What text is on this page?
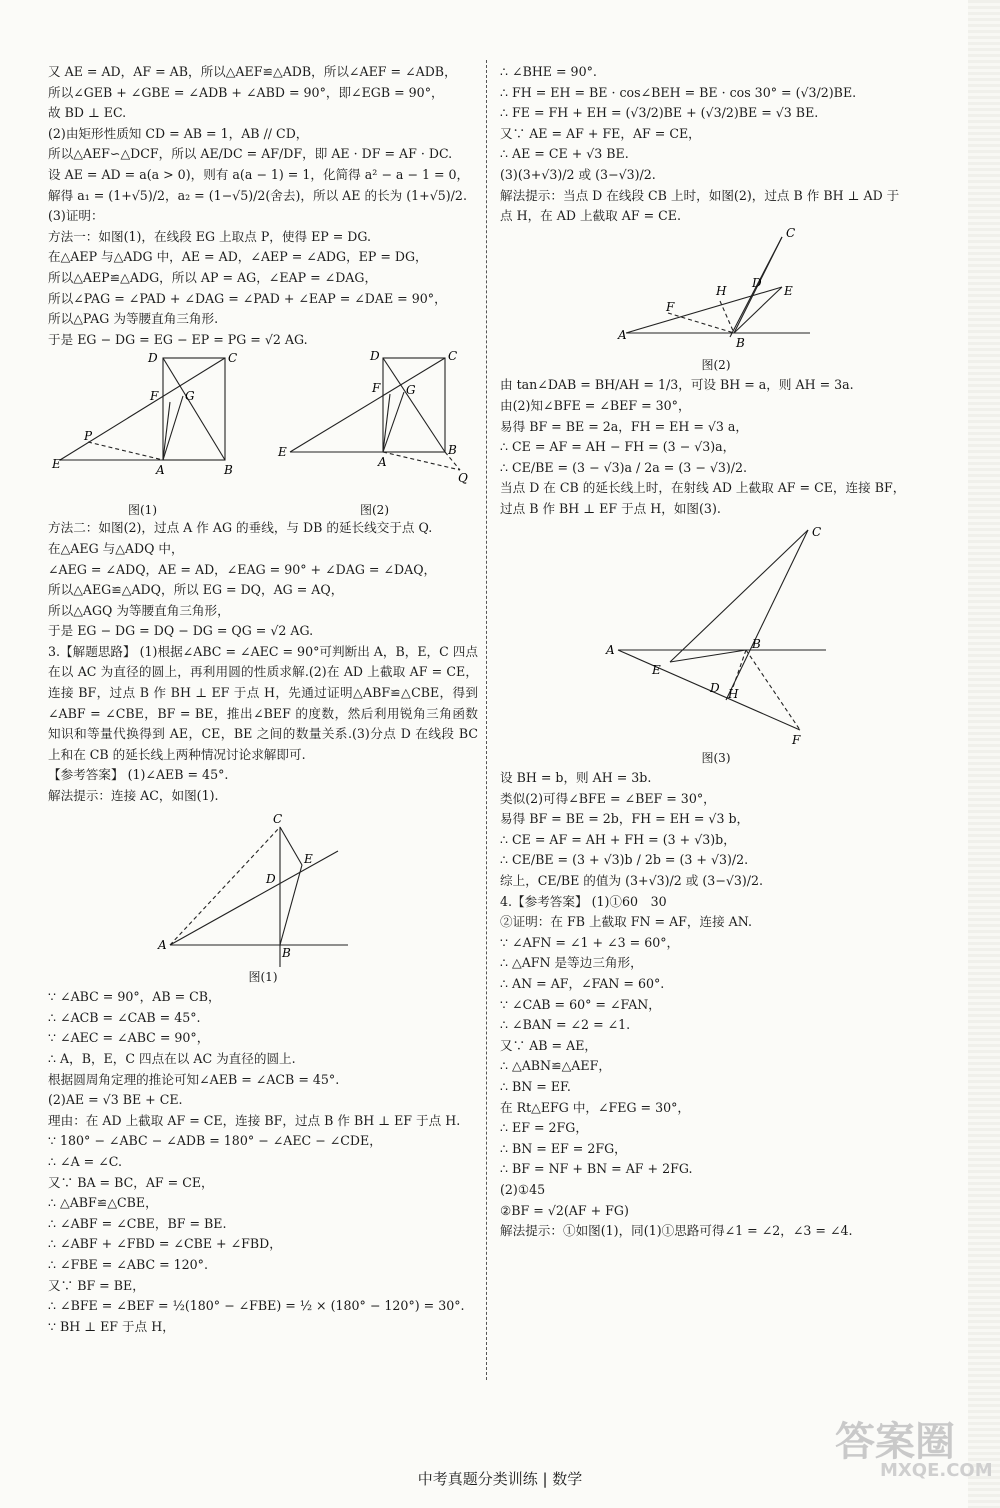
又 AE = AD，AF = AB，所以△AEF≌△ADB，所以∠AEF = ∠ADB，
所以∠GEB + ∠GBE = ∠ADB + ∠ABD = 90°，即∠EGB = 90°，
故 BD ⊥ EC.
(2)由矩形性质知 CD = AB = 1，AB // CD，
所以△AEF∽△DCF，所以 AE/DC = AF/DF，即 AE · DF = AF · DC.
设 AE = AD = a(a > 0)，则有 a(a − 1) = 1，化简得 a² − a − 1 = 0，
解得 a₁ = (1+√5)/2，a₂ = (1−√5)/2(舍去)，所以 AE 的长为 (1+√5)/2.
(3)证明：
方法一：如图(1)，在线段 EG 上取点 P，使得 EP = DG.
在△AEP 与△ADG 中，AE = AD，∠AEP = ∠ADG，EP = DG，
所以△AEP≌△ADG，所以 AP = AG，∠EAP = ∠DAG，
所以∠PAG = ∠PAD + ∠DAG = ∠PAD + ∠EAP = ∠DAE = 90°，
所以△PAG 为等腰直角三角形.
于是 EG − DG = EG − EP = PG = √2 AG.
D	C
F G
P
E	A	B
D	C
F G
E
A
B
Q
图(1)	图(2)
方法二：如图(2)，过点 A 作 AG 的垂线，与 DB 的延长线交于点 Q.
在△AEG 与△ADQ 中，
∠AEG = ∠ADQ，AE = AD，∠EAG = 90° + ∠DAG = ∠DAQ，
所以△AEG≌△ADQ，所以 EG = DQ，AG = AQ，
所以△AGQ 为等腰直角三角形，
于是 EG − DG = DQ − DG = QG = √2 AG.
3.【解题思路】 (1)根据∠ABC = ∠AEC = 90°可判断出 A，B，E，C 四点在以 AC 为直径的圆上，再利用圆的性质求解.(2)在 AD 上截取 AF = CE，连接 BF，过点 B 作 BH ⊥ EF 于点 H，先通过证明△ABF≌△CBE，得到∠ABF = ∠CBE，BF = BE，推出∠BEF 的度数，然后利用锐角三角函数知识和等量代换得到 AE，CE，BE 之间的数量关系.(3)分点 D 在线段 BC 上和在 CB 的延长线上两种情况讨论求解即可.
【参考答案】 (1)∠AEB = 45°.
解法提示：连接 AC，如图(1).
C
E
D
A
B
图(1)
∵ ∠ABC = 90°，AB = CB，
∴ ∠ACB = ∠CAB = 45°.
∵ ∠AEC = ∠ABC = 90°，
∴ A，B，E，C 四点在以 AC 为直径的圆上.
根据圆周角定理的推论可知∠AEB = ∠ACB = 45°.
(2)AE = √3 BE + CE.
理由：在 AD 上截取 AF = CE，连接 BF，过点 B 作 BH ⊥ EF 于点 H.
∵ 180° − ∠ABC − ∠ADB = 180° − ∠AEC − ∠CDE，
∴ ∠A = ∠C.
又∵ BA = BC，AF = CE，
∴ △ABF≌△CBE，
∴ ∠ABF = ∠CBE，BF = BE.
∴ ∠ABF + ∠FBD = ∠CBE + ∠FBD，
∴ ∠FBE = ∠ABC = 120°.
又∵ BF = BE，
∴ ∠BFE = ∠BEF = ½(180° − ∠FBE) = ½ × (180° − 120°) = 30°.
∵ BH ⊥ EF 于点 H，
∴ ∠BHE = 90°.
∴ FH = EH = BE · cos∠BEH = BE · cos 30° = (√3/2)BE.
∴ FE = FH + EH = (√3/2)BE + (√3/2)BE = √3 BE.
又∵ AE = AF + FE，AF = CE，
∴ AE = CE + √3 BE.
(3)(3+√3)/2 或 (3−√3)/2.
解法提示：当点 D 在线段 CB 上时，如图(2)，过点 B 作 BH ⊥ AD 于
点 H，在 AD 上截取 AF = CE.
C
H
D
E
F
A
B
图(2)
由 tan∠DAB = BH/AH = 1/3，可设 BH = a，则 AH = 3a.
由(2)知∠BFE = ∠BEF = 30°，
易得 BF = BE = 2a，FH = EH = √3 a，
∴ CE = AF = AH − FH = (3 − √3)a，
∴ CE/BE = (3 − √3)a / 2a = (3 − √3)/2.
当点 D 在 CB 的延长线上时，在射线 AD 上截取 AF = CE，连接 BF，
过点 B 作 BH ⊥ EF 于点 H，如图(3).
C
A	B
E
D H
F
图(3)
设 BH = b，则 AH = 3b.
类似(2)可得∠BFE = ∠BEF = 30°，
易得 BF = BE = 2b，FH = EH = √3 b，
∴ CE = AF = AH + FH = (3 + √3)b，
∴ CE/BE = (3 + √3)b / 2b = (3 + √3)/2.
综上，CE/BE 的值为 (3+√3)/2 或 (3−√3)/2.
4.【参考答案】 (1)①60　30
②证明：在 FB 上截取 FN = AF，连接 AN.
∵ ∠AFN = ∠1 + ∠3 = 60°，
∴ △AFN 是等边三角形，
∴ AN = AF，∠FAN = 60°.
∵ ∠CAB = 60° = ∠FAN，
∴ ∠BAN = ∠2 = ∠1.
又∵ AB = AE，
∴ △ABN≌△AEF，
∴ BN = EF.
在 Rt△EFG 中，∠FEG = 30°，
∴ EF = 2FG，
∴ BN = EF = 2FG，
∴ BF = NF + BN = AF + 2FG.
(2)①45
②BF = √2(AF + FG)
解法提示：①如图(1)，同(1)①思路可得∠1 = ∠2，∠3 = ∠4.
答案圈
MXQE.COM
中考真题分类训练 | 数学
